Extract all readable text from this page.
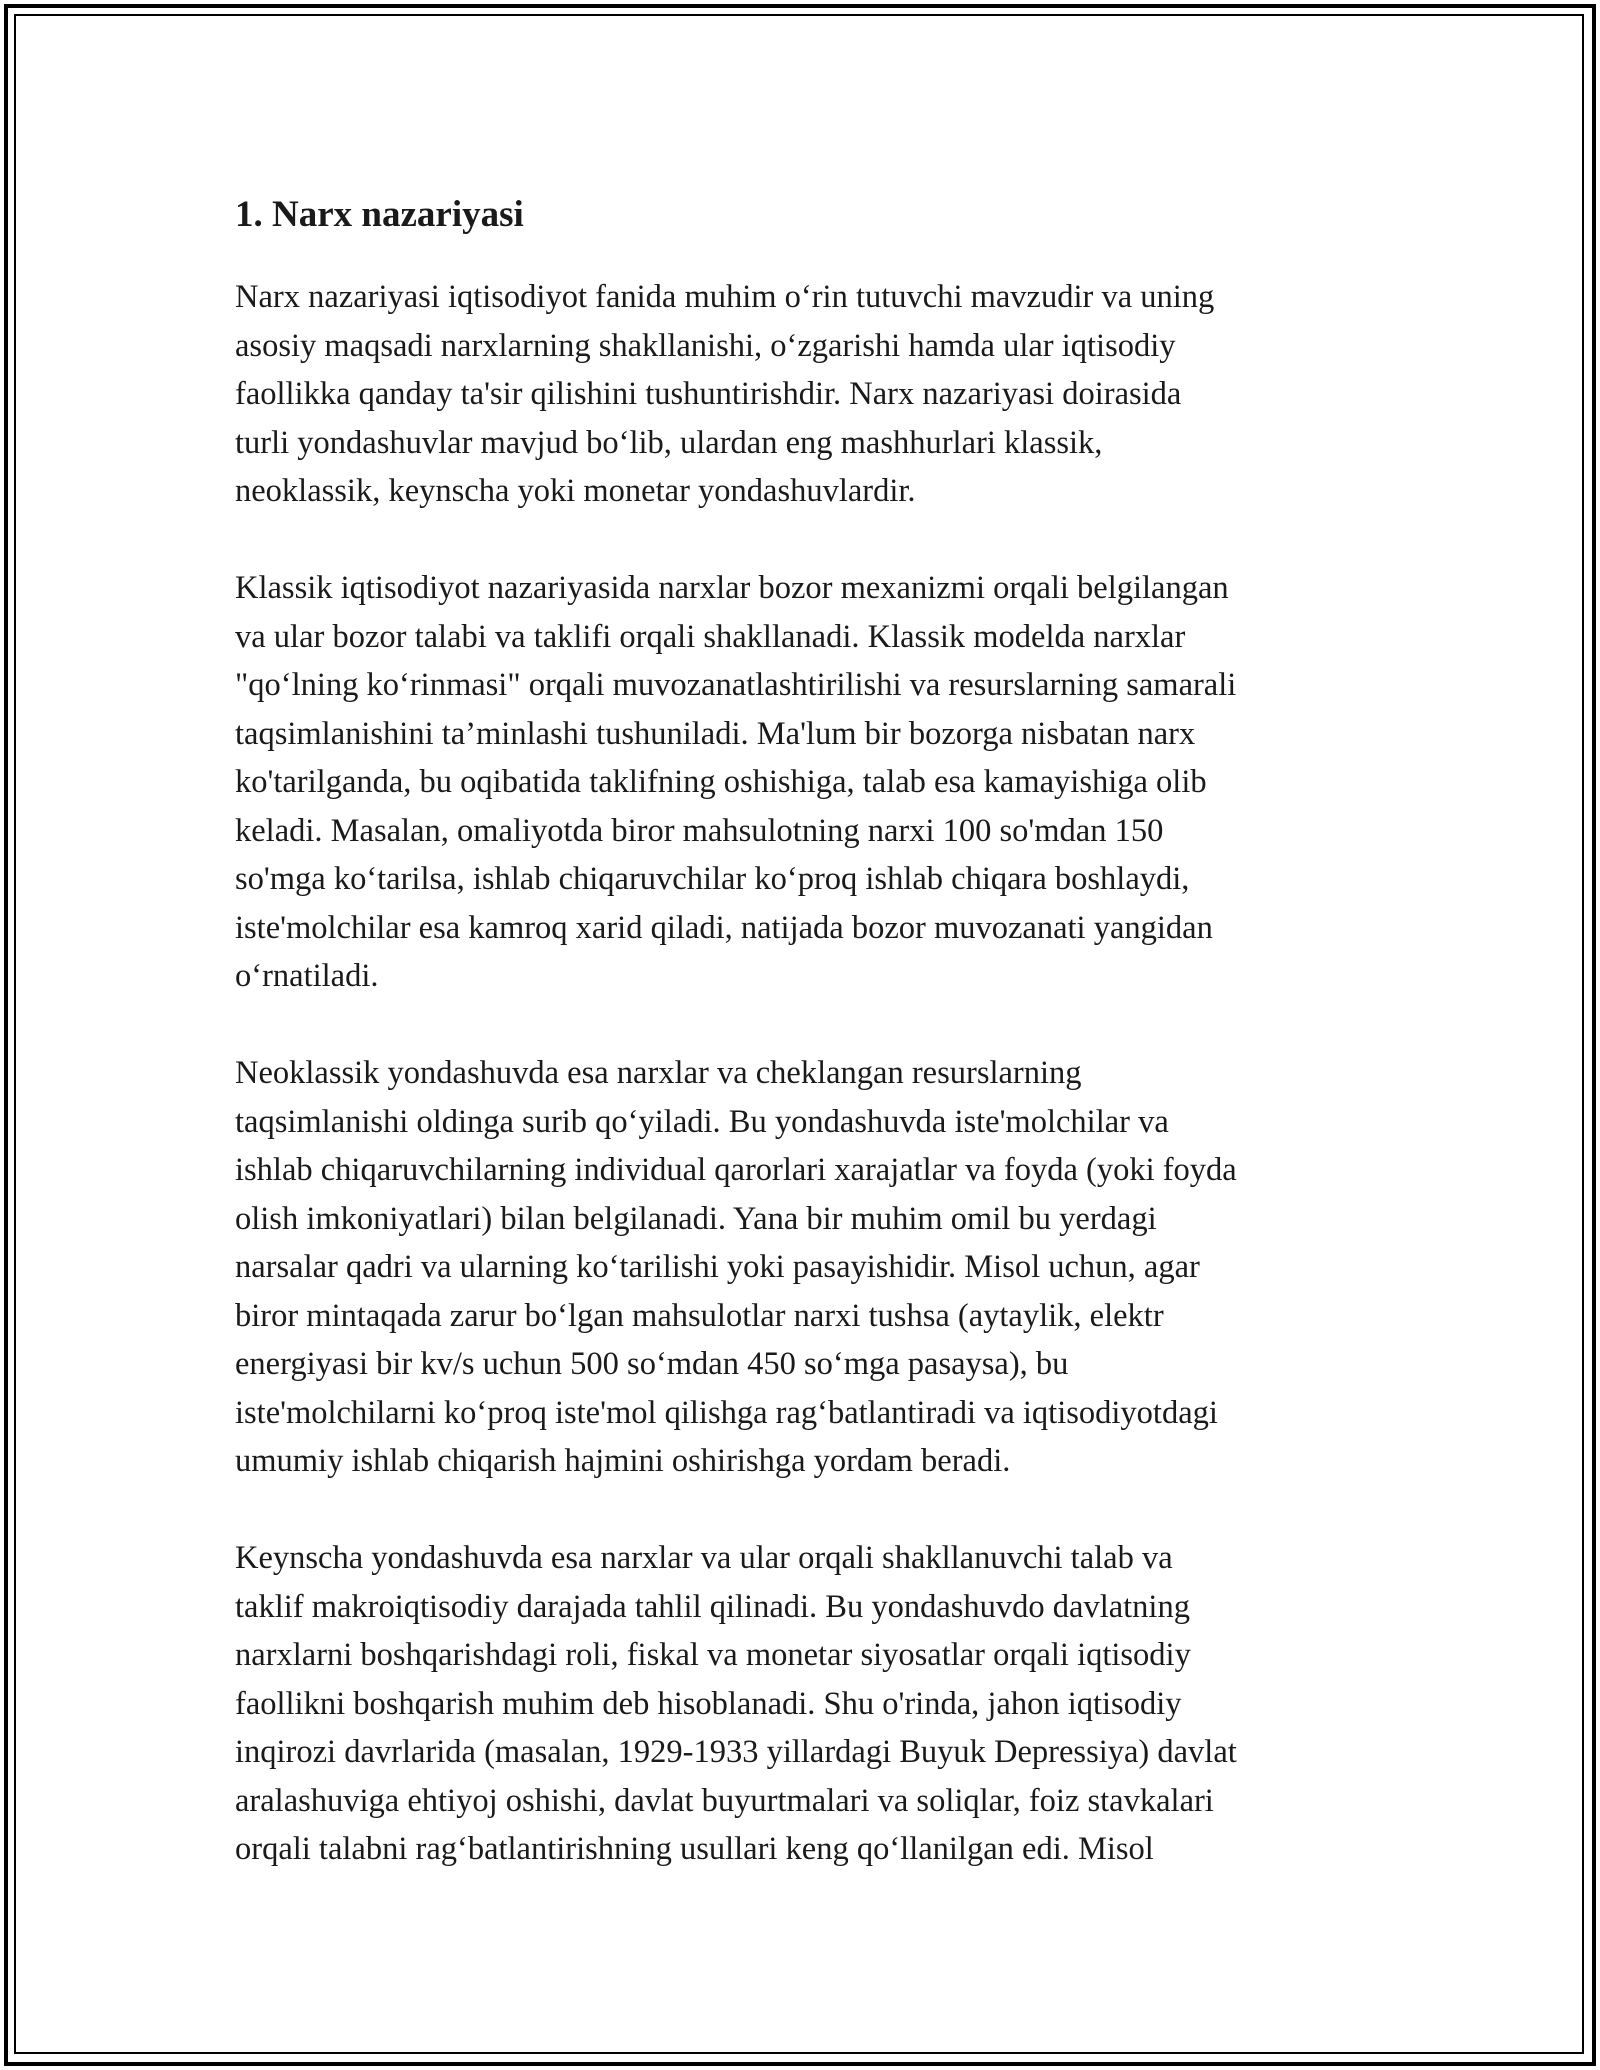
1. Narx nazariyasi

Narx nazariyasi iqtisodiyot fanida muhim o‘rin tutuvchi mavzudir va uning
asosiy maqsadi narxlarning shakllanishi, o‘zgarishi hamda ular iqtisodiy
faollikka qanday ta'sir qilishini tushuntirishdir. Narx nazariyasi doirasida
turli yondashuvlar mavjud bo‘lib, ulardan eng mashhurlari klassik,
neoklassik, keynscha yoki monetar yondashuvlardir.

Klassik iqtisodiyot nazariyasida narxlar bozor mexanizmi orqali belgilangan
va ular bozor talabi va taklifi orqali shakllanadi. Klassik modelda narxlar
"qo‘lning ko‘rinmasi" orqali muvozanatlashtirilishi va resurslarning samarali
taqsimlanishini ta’minlashi tushuniladi. Ma'lum bir bozorga nisbatan narx
ko'tarilganda, bu oqibatida taklifning oshishiga, talab esa kamayishiga olib
keladi. Masalan, omaliyotda biror mahsulotning narxi 100 so'mdan 150
so'mga ko‘tarilsa, ishlab chiqaruvchilar ko‘proq ishlab chiqara boshlaydi,
iste'molchilar esa kamroq xarid qiladi, natijada bozor muvozanati yangidan
o‘rnatiladi.

Neoklassik yondashuvda esa narxlar va cheklangan resurslarning
taqsimlanishi oldinga surib qo‘yiladi. Bu yondashuvda iste'molchilar va
ishlab chiqaruvchilarning individual qarorlari xarajatlar va foyda (yoki foyda
olish imkoniyatlari) bilan belgilanadi. Yana bir muhim omil bu yerdagi
narsalar qadri va ularning ko‘tarilishi yoki pasayishidir. Misol uchun, agar
biror mintaqada zarur bo‘lgan mahsulotlar narxi tushsa (aytaylik, elektr
energiyasi bir kv/s uchun 500 so‘mdan 450 so‘mga pasaysa), bu
iste'molchilarni ko‘proq iste'mol qilishga rag‘batlantiradi va iqtisodiyotdagi
umumiy ishlab chiqarish hajmini oshirishga yordam beradi.

Keynscha yondashuvda esa narxlar va ular orqali shakllanuvchi talab va
taklif makroiqtisodiy darajada tahlil qilinadi. Bu yondashuvdo davlatning
narxlarni boshqarishdagi roli, fiskal va monetar siyosatlar orqali iqtisodiy
faollikni boshqarish muhim deb hisoblanadi. Shu o'rinda, jahon iqtisodiy
inqirozi davrlarida (masalan, 1929-1933 yillardagi Buyuk Depressiya) davlat
aralashuviga ehtiyoj oshishi, davlat buyurtmalari va soliqlar, foiz stavkalari
orqali talabni rag‘batlantirishning usullari keng qo‘llanilgan edi. Misol
